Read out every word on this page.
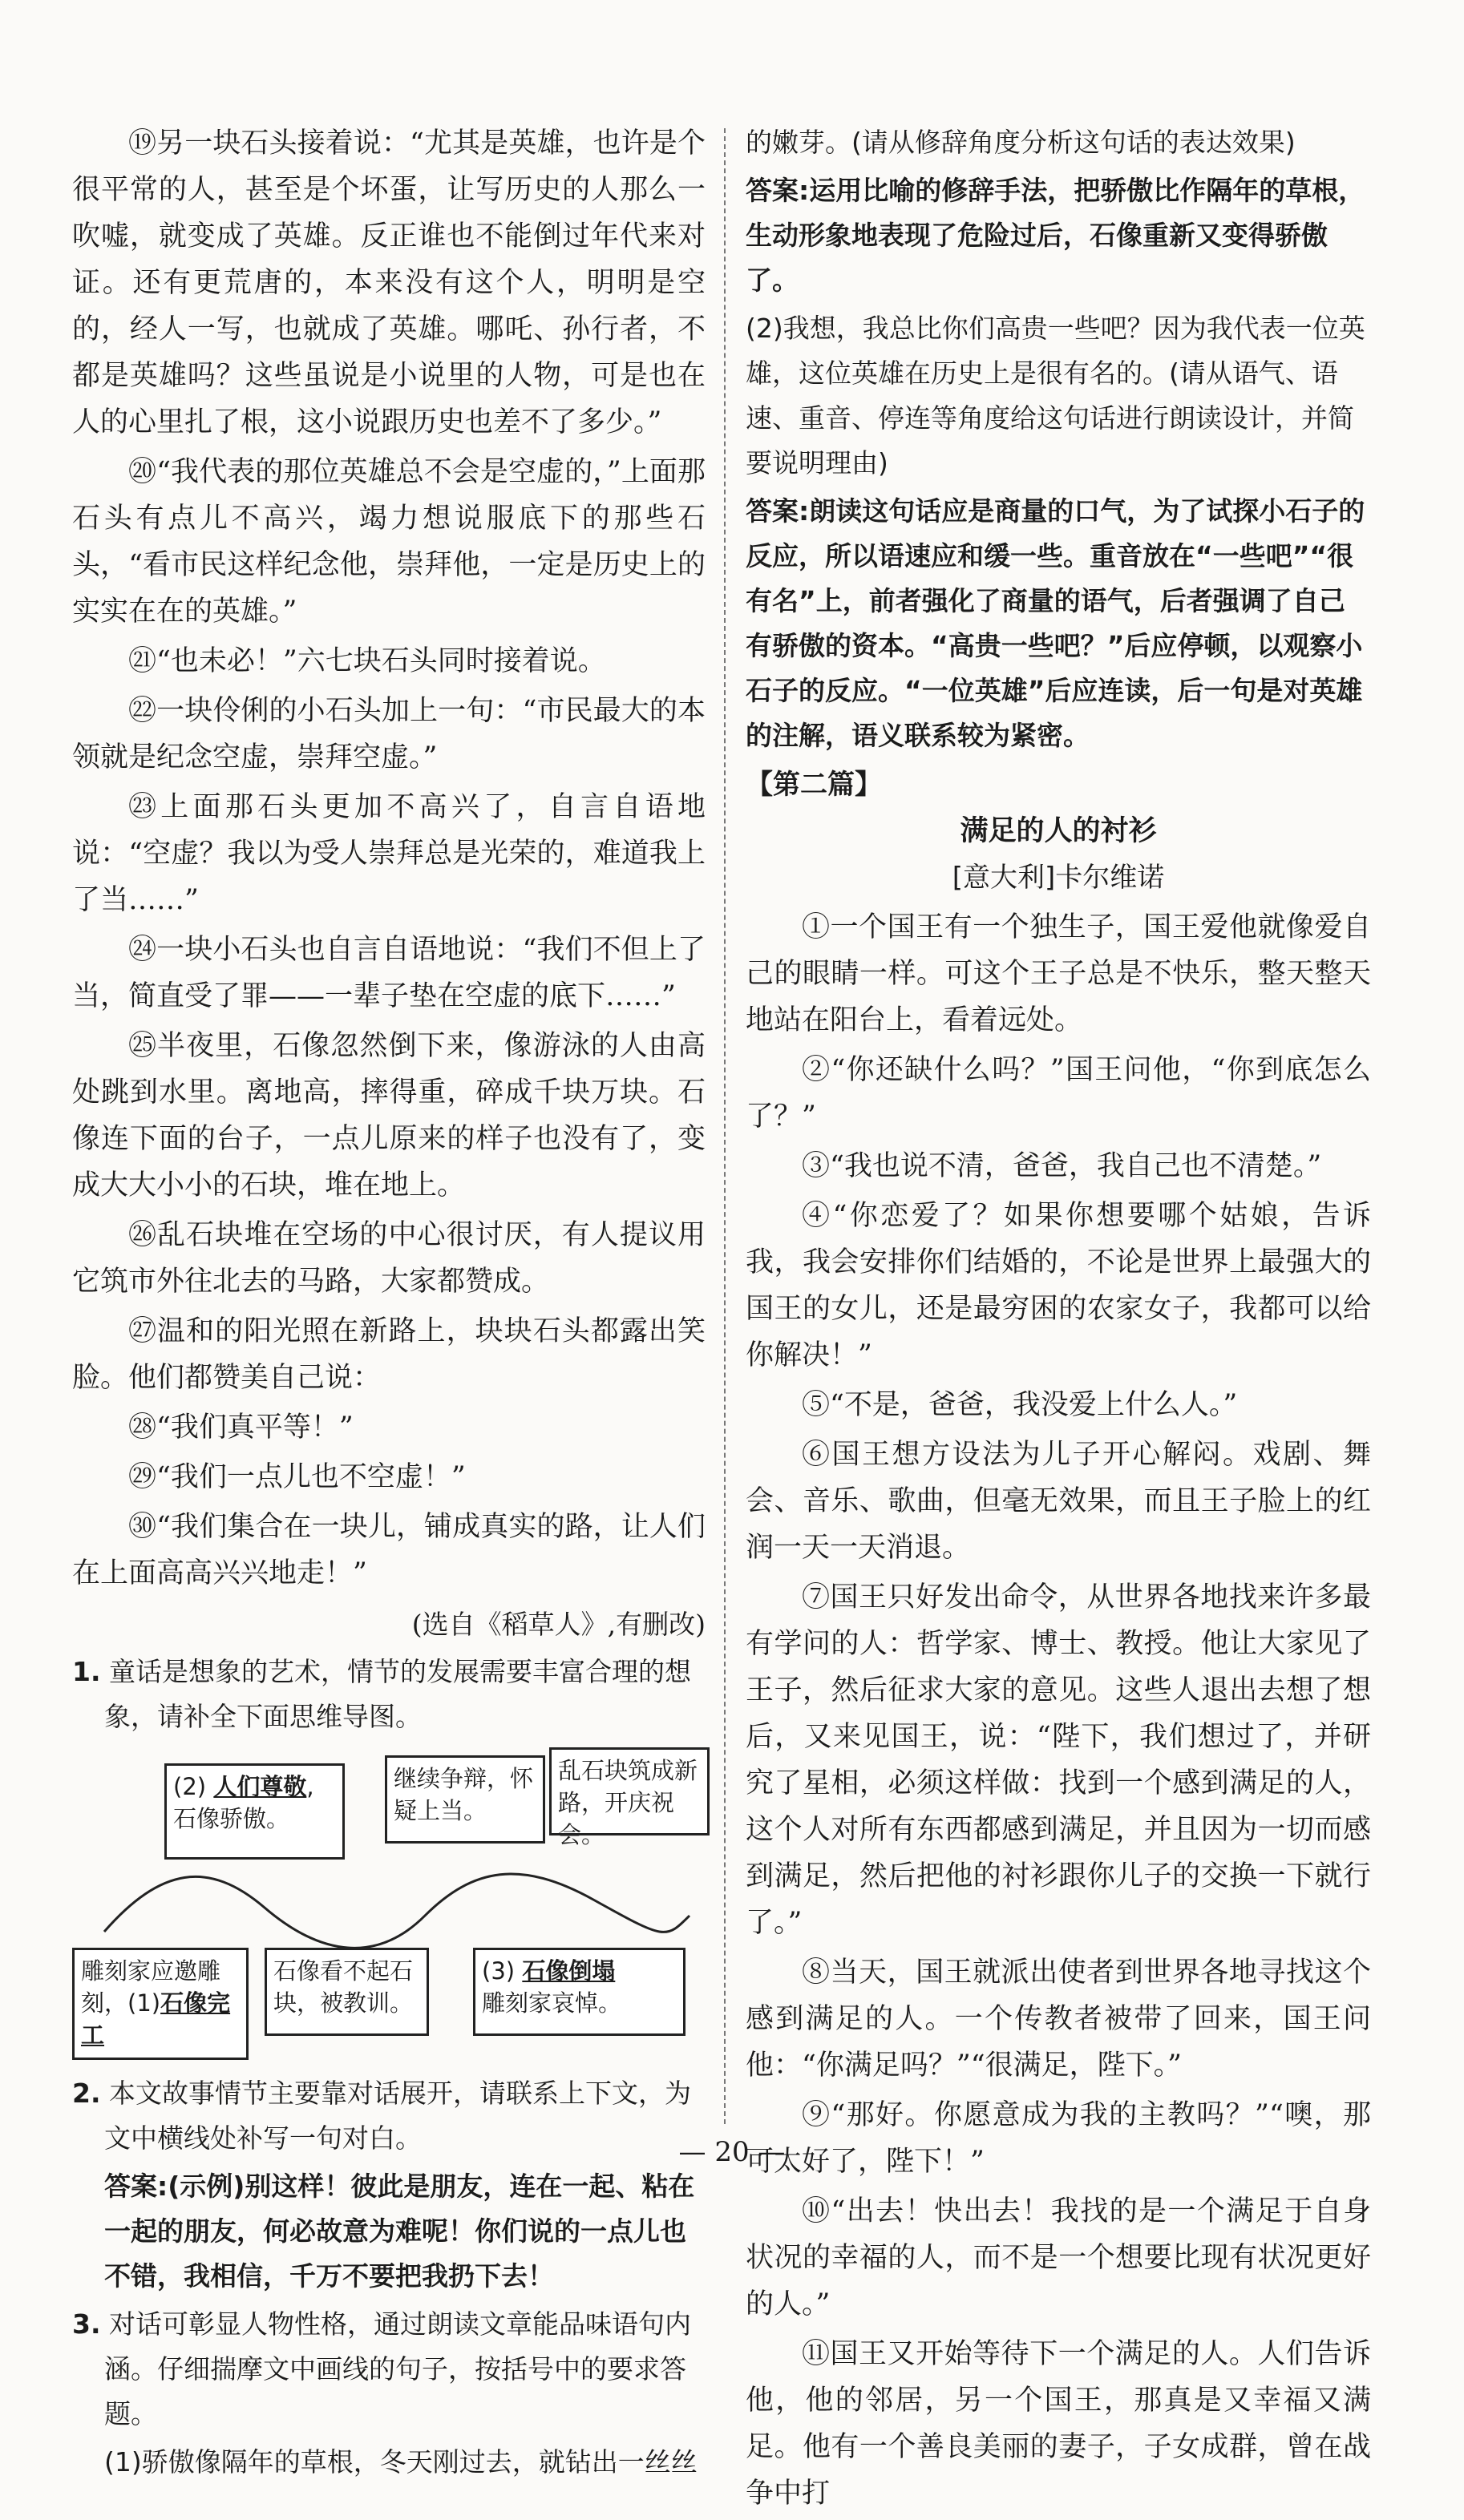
⑲另一块石头接着说：“尤其是英雄，也许是个很平常的人，甚至是个坏蛋，让写历史的人那么一吹嘘，就变成了英雄。反正谁也不能倒过年代来对证。还有更荒唐的，本来没有这个人，明明是空的，经人一写，也就成了英雄。哪吒、孙行者，不都是英雄吗？这些虽说是小说里的人物，可是也在人的心里扎了根，这小说跟历史也差不了多少。”

⑳“我代表的那位英雄总不会是空虚的，”上面那石头有点儿不高兴，竭力想说服底下的那些石头，“看市民这样纪念他，崇拜他，一定是历史上的实实在在的英雄。”

㉑“也未必！”六七块石头同时接着说。

㉒一块伶俐的小石头加上一句：“市民最大的本领就是纪念空虚，崇拜空虚。”

㉓上面那石头更加不高兴了，自言自语地说：“空虚？我以为受人崇拜总是光荣的，难道我上了当……”

㉔一块小石头也自言自语地说：“我们不但上了当，简直受了罪——一辈子垫在空虚的底下……”

㉕半夜里，石像忽然倒下来，像游泳的人由高处跳到水里。离地高，摔得重，碎成千块万块。石像连下面的台子，一点儿原来的样子也没有了，变成大大小小的石块，堆在地上。

㉖乱石块堆在空场的中心很讨厌，有人提议用它筑市外往北去的马路，大家都赞成。

㉗温和的阳光照在新路上，块块石头都露出笑脸。他们都赞美自己说：

㉘“我们真平等！”

㉙“我们一点儿也不空虚！”

㉚“我们集合在一块儿，铺成真实的路，让人们在上面高高兴兴地走！”

(选自《稻草人》,有删改)

1. 童话是想象的艺术，情节的发展需要丰富合理的想象，请补全下面思维导图。

(2) 人们尊敬,
石像骄傲。
继续争辩，怀疑上当。
乱石块筑成新路，开庆祝会。
雕刻家应邀雕刻，(1)石像完工
石像看不起石块，被教训。
(3) 石像倒塌
雕刻家哀悼。

2. 本文故事情节主要靠对话展开，请联系上下文，为文中横线处补写一句对白。

答案:(示例)别这样！彼此是朋友，连在一起、粘在一起的朋友，何必故意为难呢！你们说的一点儿也不错，我相信，千万不要把我扔下去！

3. 对话可彰显人物性格，通过朗读文章能品味语句内涵。仔细揣摩文中画线的句子，按括号中的要求答题。

(1)骄傲像隔年的草根，冬天刚过去，就钻出一丝丝

的嫩芽。(请从修辞角度分析这句话的表达效果)

答案:运用比喻的修辞手法，把骄傲比作隔年的草根，生动形象地表现了危险过后，石像重新又变得骄傲了。

(2)我想，我总比你们高贵一些吧？因为我代表一位英雄，这位英雄在历史上是很有名的。(请从语气、语速、重音、停连等角度给这句话进行朗读设计，并简要说明理由)

答案:朗读这句话应是商量的口气，为了试探小石子的反应，所以语速应和缓一些。重音放在“一些吧”“很有名”上，前者强化了商量的语气，后者强调了自己有骄傲的资本。“高贵一些吧？”后应停顿，以观察小石子的反应。“一位英雄”后应连读，后一句是对英雄的注解，语义联系较为紧密。

【第二篇】

满足的人的衬衫

[意大利]卡尔维诺

①一个国王有一个独生子，国王爱他就像爱自己的眼睛一样。可这个王子总是不快乐，整天整天地站在阳台上，看着远处。

②“你还缺什么吗？”国王问他，“你到底怎么了？”

③“我也说不清，爸爸，我自己也不清楚。”

④“你恋爱了？如果你想要哪个姑娘，告诉我，我会安排你们结婚的，不论是世界上最强大的国王的女儿，还是最穷困的农家女子，我都可以给你解决！”

⑤“不是，爸爸，我没爱上什么人。”

⑥国王想方设法为儿子开心解闷。戏剧、舞会、音乐、歌曲，但毫无效果，而且王子脸上的红润一天一天消退。

⑦国王只好发出命令，从世界各地找来许多最有学问的人：哲学家、博士、教授。他让大家见了王子，然后征求大家的意见。这些人退出去想了想后，又来见国王，说：“陛下，我们想过了，并研究了星相，必须这样做：找到一个感到满足的人，这个人对所有东西都感到满足，并且因为一切而感到满足，然后把他的衬衫跟你儿子的交换一下就行了。”

⑧当天，国王就派出使者到世界各地寻找这个感到满足的人。一个传教者被带了回来，国王问他：“你满足吗？”“很满足，陛下。”

⑨“那好。你愿意成为我的主教吗？”“噢，那可太好了，陛下！”

⑩“出去！快出去！我找的是一个满足于自身状况的幸福的人，而不是一个想要比现有状况更好的人。”

⑪国王又开始等待下一个满足的人。人们告诉他，他的邻居，另一个国王，那真是又幸福又满足。他有一个善良美丽的妻子，子女成群，曾在战争中打

— 20 —
